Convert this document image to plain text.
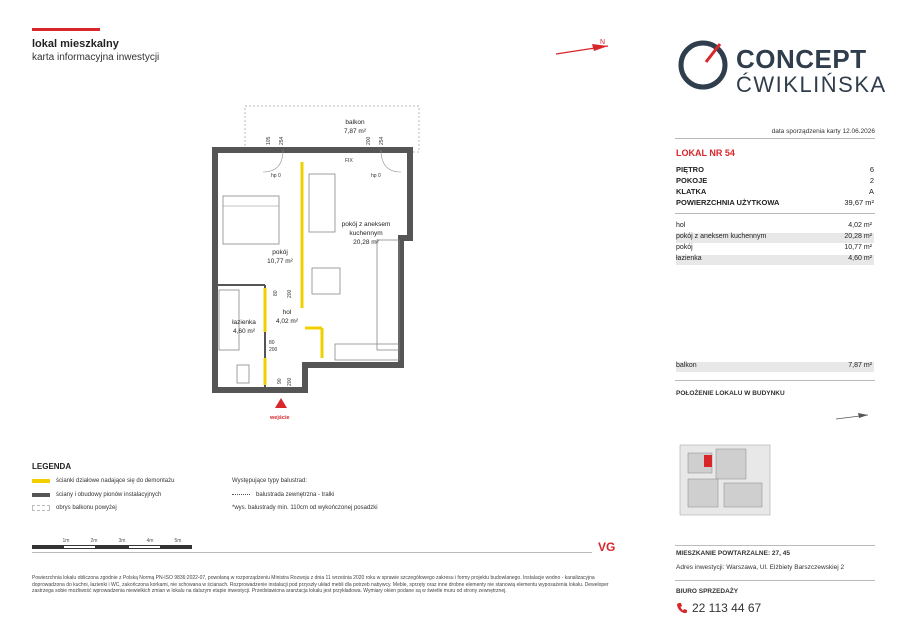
lokal mieszkalny
karta informacyjna inwestycji
N
105 254	200 254
80 200
80
200
90 200
hp 0	hp 0
FIX
balkon
7,87 m²
pokój
10,77 m²
pokój z aneksem kuchennym
20,28 m²
hol
4,02 m²
łazienka
4,60 m²
wejście
LEGENDA
ścianki działowe nadające się do demontażu
ściany i obudowy pionów instalacyjnych
obrys balkonu powyżej
Występujące typy balustrad:
balustrada zewnętrzna - tralki
*wys. balustrady min. 110cm od wykończonej posadzki
1m	2m	3m	4m	5m	VG
Powierzchnia lokalu obliczona zgodnie z Polską Normą PN-ISO 9836:2022-07, powołaną w rozporządzeniu Ministra Rozwoju z dnia 11 września 2020 roku w sprawie szczegółowego zakresu i formy projektu budowlanego. Instalacje wodno - kanalizacyjna doprowadzona do kuchni, łazienki i WC, zakończona korkami, nie schowana w ścianach. Rozprowadzenie instalacji pod przyszły układ mebli dla potrzeb nabywcy. Meble, sprzęty oraz inne drobne elementy nie stanowią elementu wyposażenia lokalu. Deweloper zastrzega sobie możliwość wprowadzenia niewielkich zmian w lokalu na dalszym etapie inwestycji. Przedstawiona aranżacja lokalu jest przykładowa. Wymiary okien podane są w świetle muru od strony zewnętrznej.
CONCEPT
ĆWIKLIŃSKA
data sporządzenia karty 12.06.2026
LOKAL NR 54
PIĘTRO	6
POKOJE	2
KLATKA	A
POWIERZCHNIA UŻYTKOWA	39,67 m²
hol	4,02 m²
pokój z aneksem kuchennym	20,28 m²
pokój	10,77 m²
łazienka	4,60 m²
balkon	7,87 m²
POŁOŻENIE LOKALU W BUDYNKU
MIESZKANIE POWTARZALNE: 27, 45
Adres inwestycji: Warszawa, Ul. Elżbiety Barszczewskiej 2
BIURO SPRZEDAŻY
22 113 44 67
